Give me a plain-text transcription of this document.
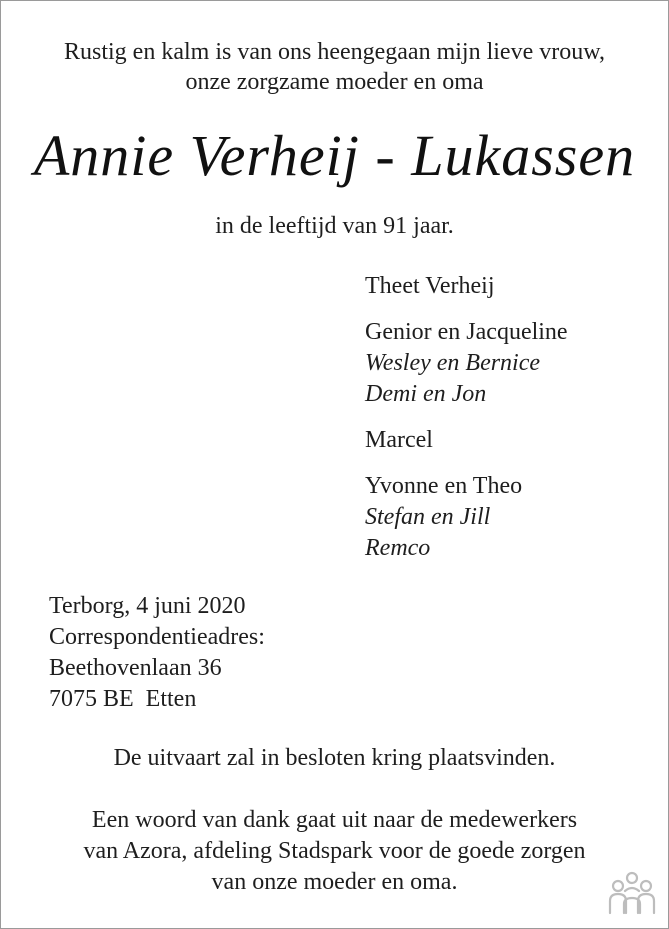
Rustig en kalm is van ons heengegaan mijn lieve vrouw,
onze zorgzame moeder en oma
Annie Verheij - Lukassen
in de leeftijd van 91 jaar.
Theet Verheij
Genior en Jacqueline
Wesley en Bernice
Demi en Jon
Marcel
Yvonne en Theo
Stefan en Jill
Remco
Terborg, 4 juni 2020
Correspondentieadres:
Beethovenlaan 36
7075 BE  Etten
De uitvaart zal in besloten kring plaatsvinden.
Een woord van dank gaat uit naar de medewerkers
van Azora, afdeling Stadspark voor de goede zorgen
van onze moeder en oma.
